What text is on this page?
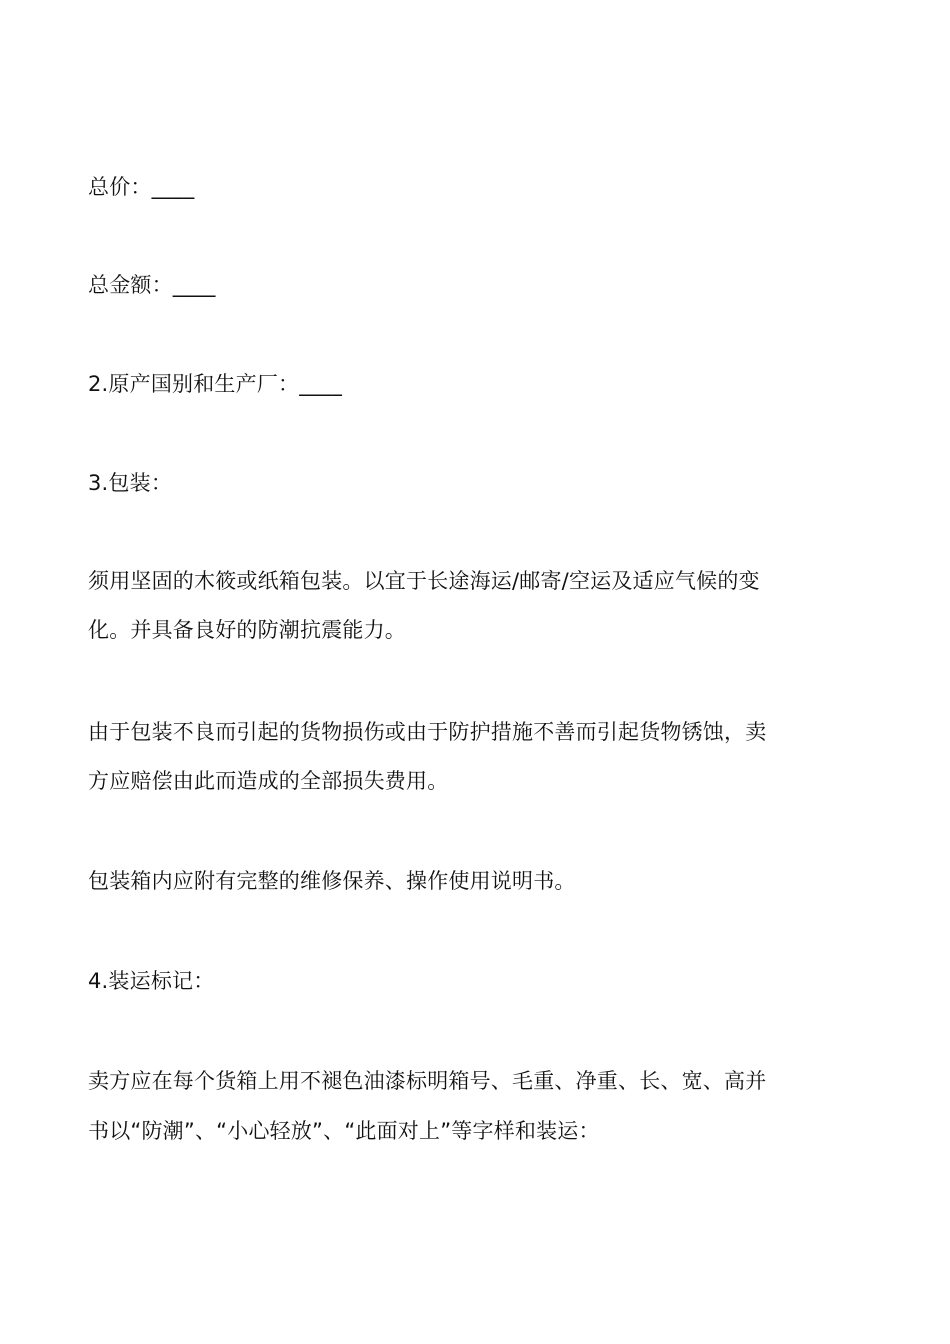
总价：____
总金额：____
2.原产国别和生产厂：____
3.包装：
须用坚固的木筱或纸箱包装。以宜于长途海运/邮寄/空运及适应气候的变
化。并具备良好的防潮抗震能力。
由于包装不良而引起的货物损伤或由于防护措施不善而引起货物锈蚀，卖
方应赔偿由此而造成的全部损失费用。
包装箱内应附有完整的维修保养、操作使用说明书。
4.装运标记：
卖方应在每个货箱上用不褪色油漆标明箱号、毛重、净重、长、宽、高并
书以“防潮”、“小心轻放”、“此面对上”等字样和装运：
